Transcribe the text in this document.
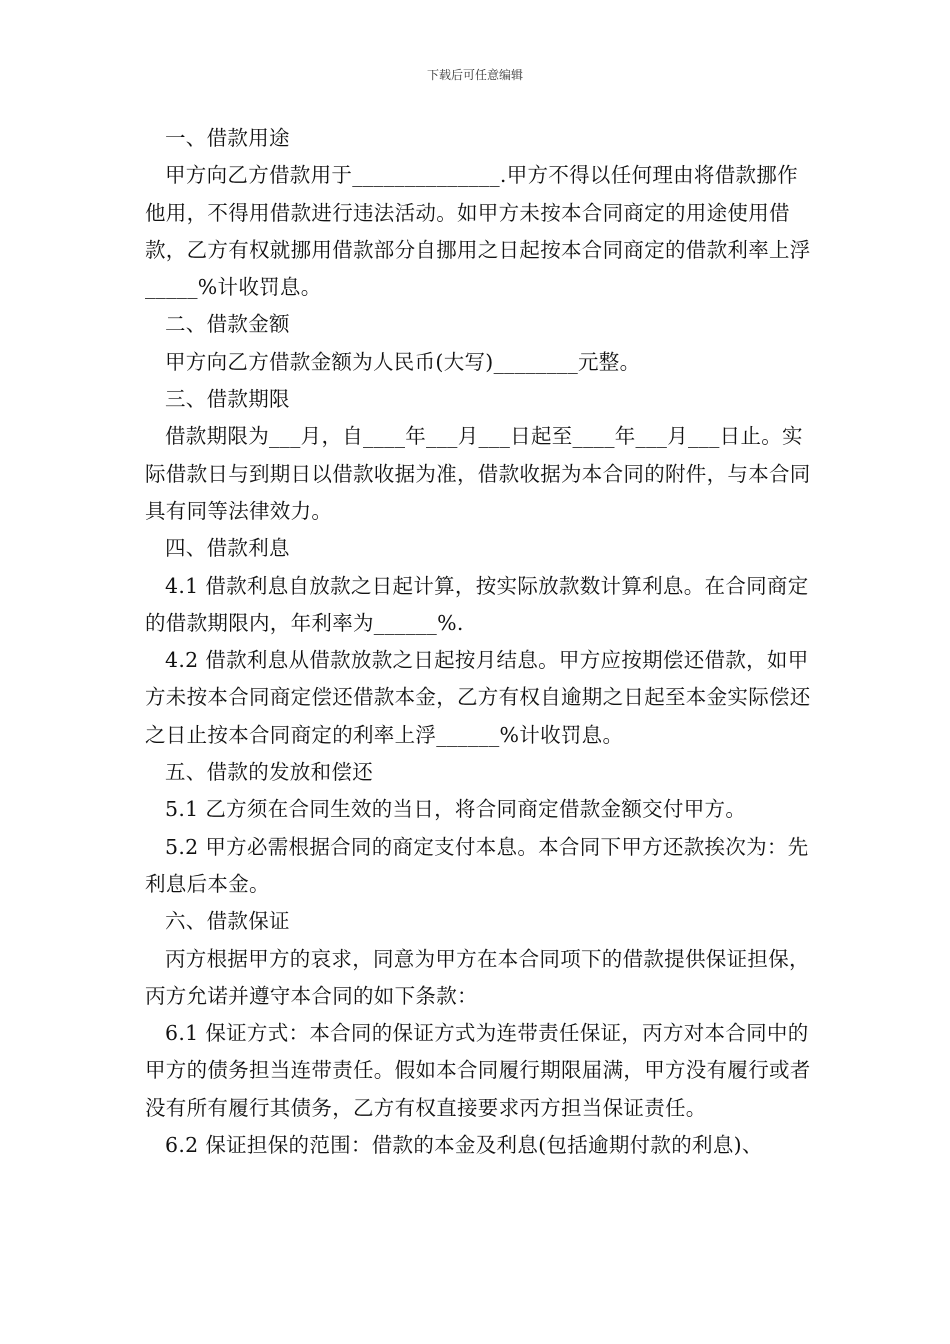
下载后可任意编辑

一、借款用途

甲方向乙方借款用于______________.甲方不得以任何理由将借款挪作他用，不得用借款进行违法活动。如甲方未按本合同商定的用途使用借款，乙方有权就挪用借款部分自挪用之日起按本合同商定的借款利率上浮_____%计收罚息。

二、借款金额

甲方向乙方借款金额为人民币(大写)________元整。

三、借款期限

借款期限为___月，自____年___月___日起至____年___月___日止。实际借款日与到期日以借款收据为准，借款收据为本合同的附件，与本合同具有同等法律效力。

四、借款利息

4.1 借款利息自放款之日起计算，按实际放款数计算利息。在合同商定的借款期限内，年利率为______%.

4.2 借款利息从借款放款之日起按月结息。甲方应按期偿还借款，如甲方未按本合同商定偿还借款本金，乙方有权自逾期之日起至本金实际偿还之日止按本合同商定的利率上浮______%计收罚息。

五、借款的发放和偿还

5.1 乙方须在合同生效的当日，将合同商定借款金额交付甲方。

5.2 甲方必需根据合同的商定支付本息。本合同下甲方还款挨次为：先利息后本金。

六、借款保证

丙方根据甲方的哀求，同意为甲方在本合同项下的借款提供保证担保，丙方允诺并遵守本合同的如下条款：

6.1 保证方式：本合同的保证方式为连带责任保证，丙方对本合同中的甲方的债务担当连带责任。假如本合同履行期限届满，甲方没有履行或者没有所有履行其债务，乙方有权直接要求丙方担当保证责任。

6.2 保证担保的范围：借款的本金及利息(包括逾期付款的利息)、
